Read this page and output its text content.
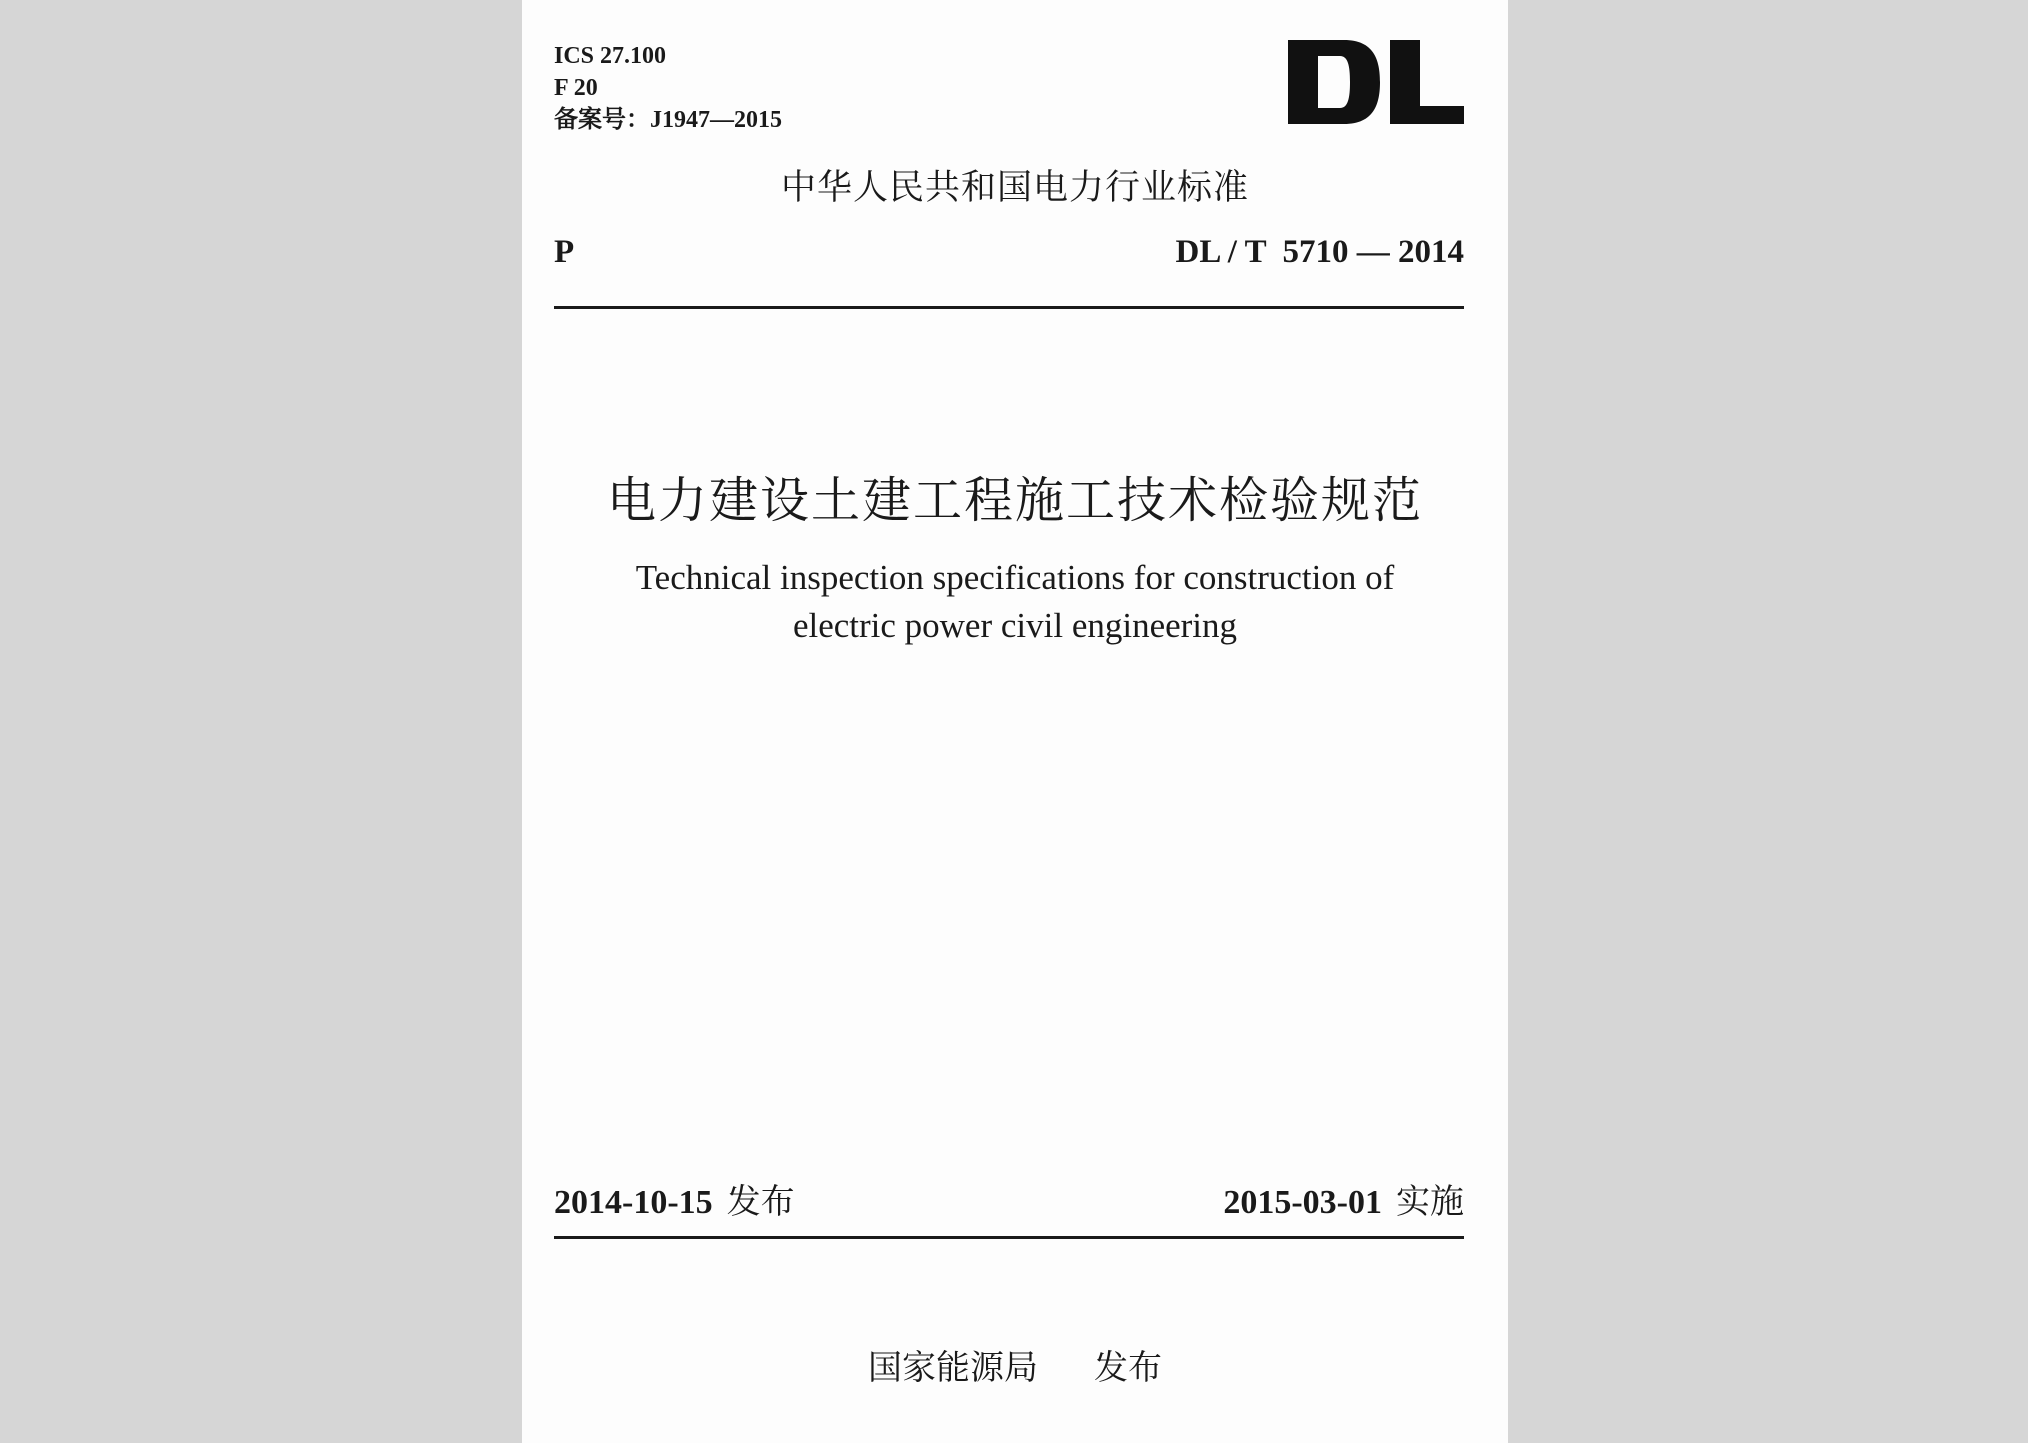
ICS 27.100
F 20
备案号：J1947—2015
中华人民共和国电力行业标准
P	DL / T  5710 — 2014
电力建设土建工程施工技术检验规范
Technical inspection specifications for construction of
electric power civil engineering
2014-10-15 发布	2015-03-01 实施
国家能源局 发布
